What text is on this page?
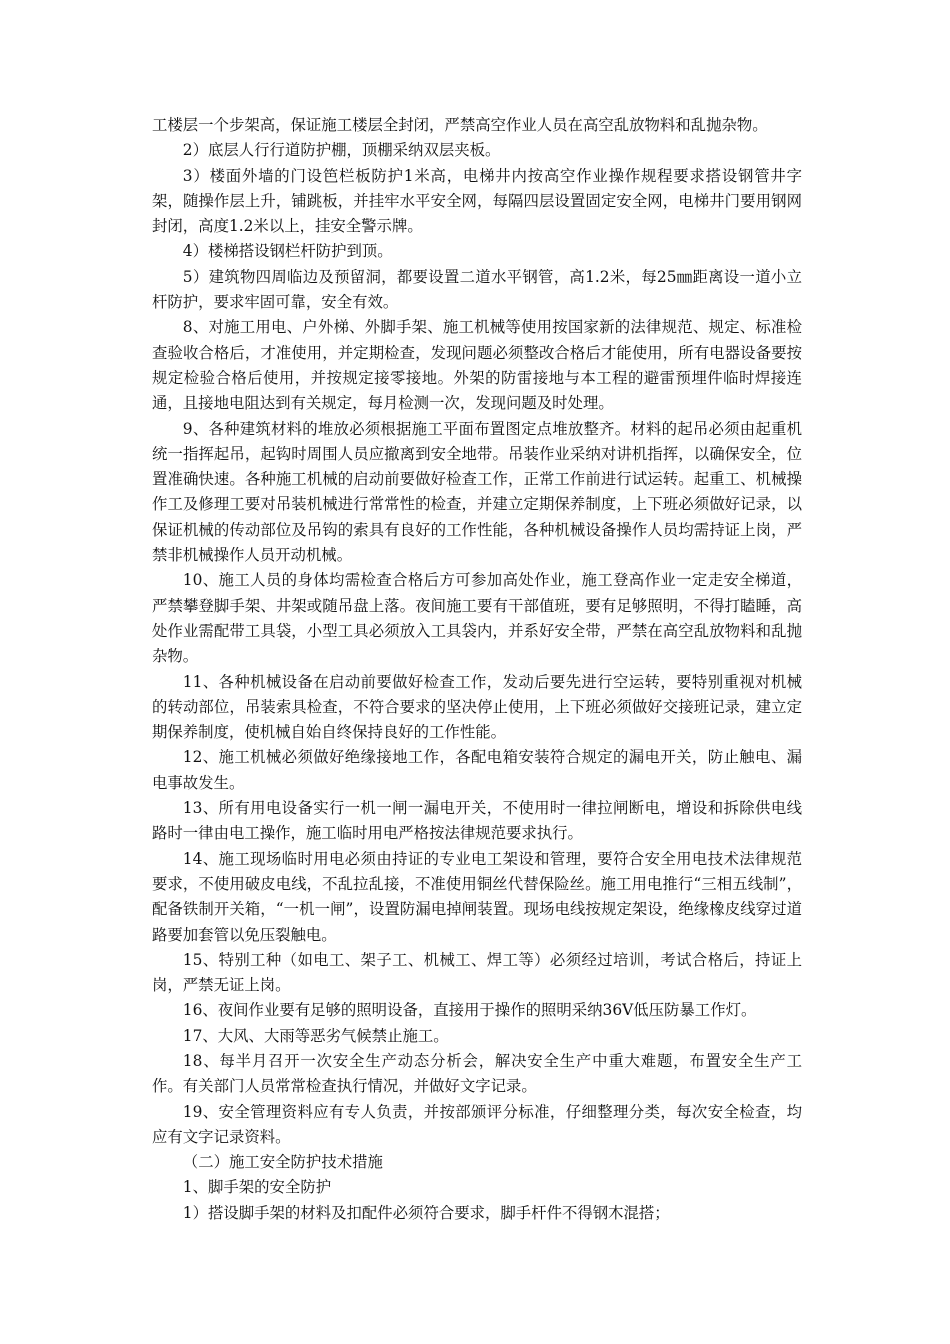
工楼层一个步架高，保证施工楼层全封闭，严禁高空作业人员在高空乱放物料和乱抛杂物。

2）底层人行行道防护棚，顶棚采纳双层夹板。

3）楼面外墙的门设笆栏板防护1米高，电梯井内按高空作业操作规程要求搭设钢管井字架，随操作层上升，铺跳板，并挂牢水平安全网，每隔四层设置固定安全网，电梯井门要用钢网封闭，高度1.2米以上，挂安全警示牌。

4）楼梯搭设钢栏杆防护到顶。

5）建筑物四周临边及预留洞，都要设置二道水平钢管，高1.2米，每25㎜距离设一道小立杆防护，要求牢固可靠，安全有效。

8、对施工用电、户外梯、外脚手架、施工机械等使用按国家新的法律规范、规定、标准检查验收合格后，才准使用，并定期检查，发现问题必须整改合格后才能使用，所有电器设备要按规定检验合格后使用，并按规定接零接地。外架的防雷接地与本工程的避雷预埋件临时焊接连通，且接地电阻达到有关规定，每月检测一次，发现问题及时处理。

9、各种建筑材料的堆放必须根据施工平面布置图定点堆放整齐。材料的起吊必须由起重机统一指挥起吊，起钩时周围人员应撤离到安全地带。吊装作业采纳对讲机指挥，以确保安全，位置准确快速。各种施工机械的启动前要做好检查工作，正常工作前进行试运转。起重工、机械操作工及修理工要对吊装机械进行常常性的检查，并建立定期保养制度，上下班必须做好记录，以保证机械的传动部位及吊钩的索具有良好的工作性能，各种机械设备操作人员均需持证上岗，严禁非机械操作人员开动机械。

10、施工人员的身体均需检查合格后方可参加高处作业，施工登高作业一定走安全梯道，严禁攀登脚手架、井架或随吊盘上落。夜间施工要有干部值班，要有足够照明，不得打瞌睡，高处作业需配带工具袋，小型工具必须放入工具袋内，并系好安全带，严禁在高空乱放物料和乱抛杂物。

11、各种机械设备在启动前要做好检查工作，发动后要先进行空运转，要特别重视对机械的转动部位，吊装索具检查，不符合要求的坚决停止使用，上下班必须做好交接班记录，建立定期保养制度，使机械自始自终保持良好的工作性能。

12、施工机械必须做好绝缘接地工作，各配电箱安装符合规定的漏电开关，防止触电、漏电事故发生。

13、所有用电设备实行一机一闸一漏电开关，不使用时一律拉闸断电，增设和拆除供电线路时一律由电工操作，施工临时用电严格按法律规范要求执行。

14、施工现场临时用电必须由持证的专业电工架设和管理，要符合安全用电技术法律规范要求，不使用破皮电线，不乱拉乱接，不准使用铜丝代替保险丝。施工用电推行“三相五线制”，配备铁制开关箱，“一机一闸”，设置防漏电掉闸装置。现场电线按规定架设，绝缘橡皮线穿过道路要加套管以免压裂触电。

15、特别工种（如电工、架子工、机械工、焊工等）必须经过培训，考试合格后，持证上岗，严禁无证上岗。

16、夜间作业要有足够的照明设备，直接用于操作的照明采纳36V低压防暴工作灯。

17、大风、大雨等恶劣气候禁止施工。

18、每半月召开一次安全生产动态分析会，解决安全生产中重大难题，布置安全生产工作。有关部门人员常常检查执行情况，并做好文字记录。

19、安全管理资料应有专人负责，并按部颁评分标准，仔细整理分类，每次安全检查，均应有文字记录资料。

（二）施工安全防护技术措施

1、脚手架的安全防护

1）搭设脚手架的材料及扣配件必须符合要求，脚手杆件不得钢木混搭；
